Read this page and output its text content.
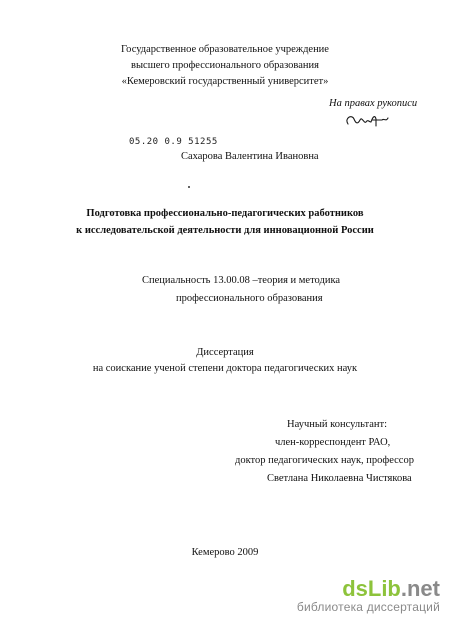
Государственное образовательное учреждение
высшего профессионального образования
«Кемеровский государственный университет»
На правах рукописи
05.20 0.9 51255
Сахарова Валентина Ивановна
Подготовка профессионально-педагогических работников
к исследовательской деятельности для инновационной России
Специальность 13.00.08 –теория и методика
профессионального образования
Диссертация
на соискание ученой степени доктора педагогических наук
Научный консультант:
член-корреспондент РАО,
доктор педагогических наук, профессор
Светлана Николаевна Чистякова
Кемерово 2009
dsLib.net
библиотека диссертаций
